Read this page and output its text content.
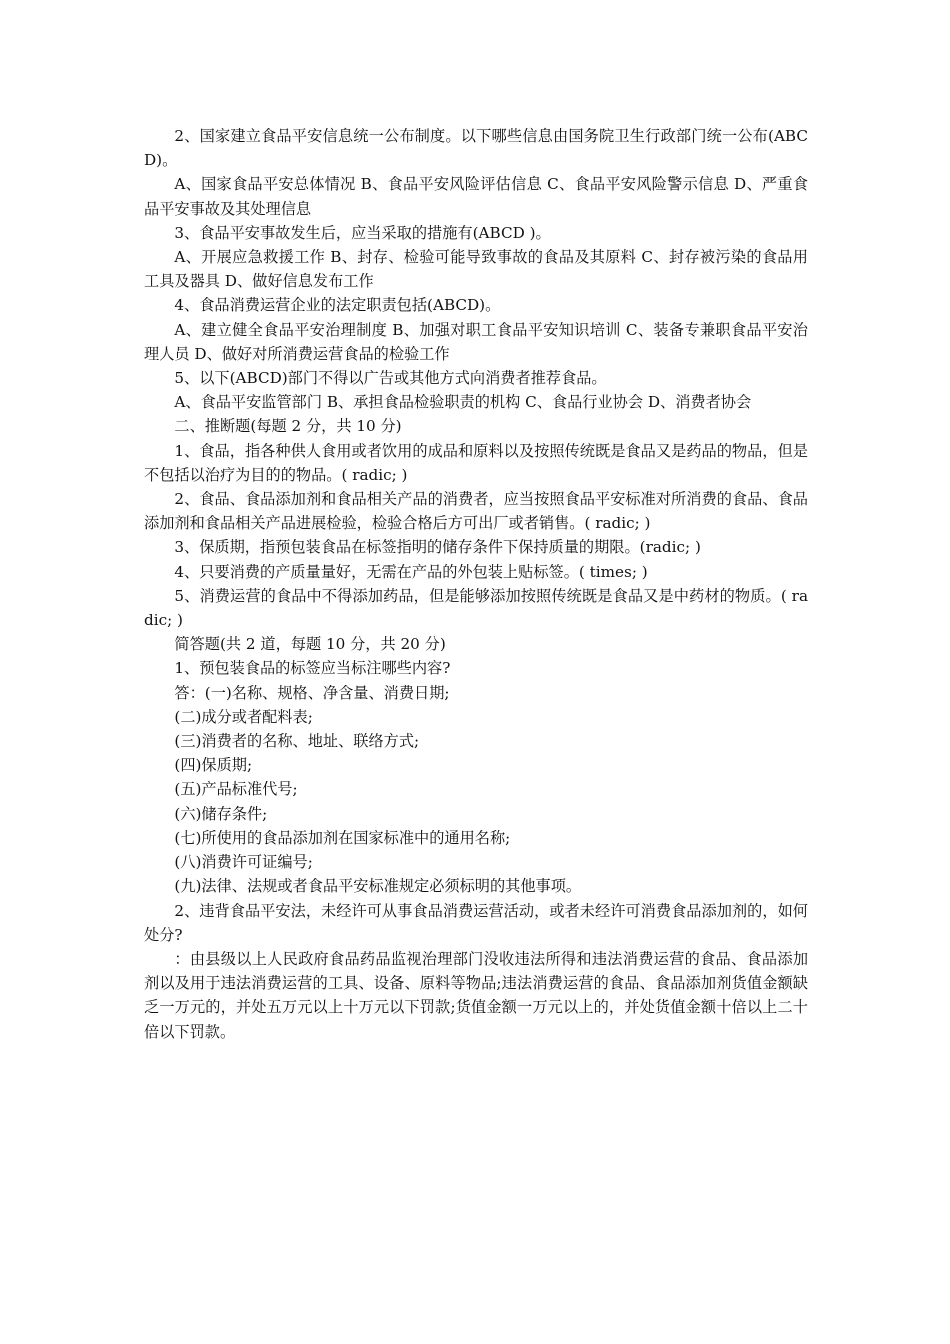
2、国家建立食品平安信息统一公布制度。以下哪些信息由国务院卫生行政部门统一公布(ABCD)。

A、国家食品平安总体情况 B、食品平安风险评估信息 C、食品平安风险警示信息 D、严重食品平安事故及其处理信息

3、食品平安事故发生后，应当采取的措施有(ABCD )。

A、开展应急救援工作 B、封存、检验可能导致事故的食品及其原料 C、封存被污染的食品用工具及器具 D、做好信息发布工作

4、食品消费运营企业的法定职责包括(ABCD)。

A、建立健全食品平安治理制度 B、加强对职工食品平安知识培训 C、装备专兼职食品平安治理人员 D、做好对所消费运营食品的检验工作

5、以下(ABCD)部门不得以广告或其他方式向消费者推荐食品。

A、食品平安监管部门 B、承担食品检验职责的机构 C、食品行业协会 D、消费者协会

二、推断题(每题 2 分，共 10 分)

1、食品，指各种供人食用或者饮用的成品和原料以及按照传统既是食品又是药品的物品，但是不包括以治疗为目的的物品。( radic; )

2、食品、食品添加剂和食品相关产品的消费者，应当按照食品平安标准对所消费的食品、食品添加剂和食品相关产品进展检验，检验合格后方可出厂或者销售。( radic; )

3、保质期，指预包装食品在标签指明的储存条件下保持质量的期限。(radic; )

4、只要消费的产质量量好，无需在产品的外包装上贴标签。( times; )

5、消费运营的食品中不得添加药品，但是能够添加按照传统既是食品又是中药材的物质。( radic; )

简答题(共 2 道，每题 10 分，共 20 分)

1、预包装食品的标签应当标注哪些内容?

答：(一)名称、规格、净含量、消费日期;

(二)成分或者配料表;

(三)消费者的名称、地址、联络方式;

(四)保质期;

(五)产品标准代号;

(六)储存条件;

(七)所使用的食品添加剂在国家标准中的通用名称;

(八)消费许可证编号;

(九)法律、法规或者食品平安标准规定必须标明的其他事项。

2、违背食品平安法，未经许可从事食品消费运营活动，或者未经许可消费食品添加剂的，如何处分?

：由县级以上人民政府食品药品监视治理部门没收违法所得和违法消费运营的食品、食品添加剂以及用于违法消费运营的工具、设备、原料等物品;违法消费运营的食品、食品添加剂货值金额缺乏一万元的，并处五万元以上十万元以下罚款;货值金额一万元以上的，并处货值金额十倍以上二十倍以下罚款。
